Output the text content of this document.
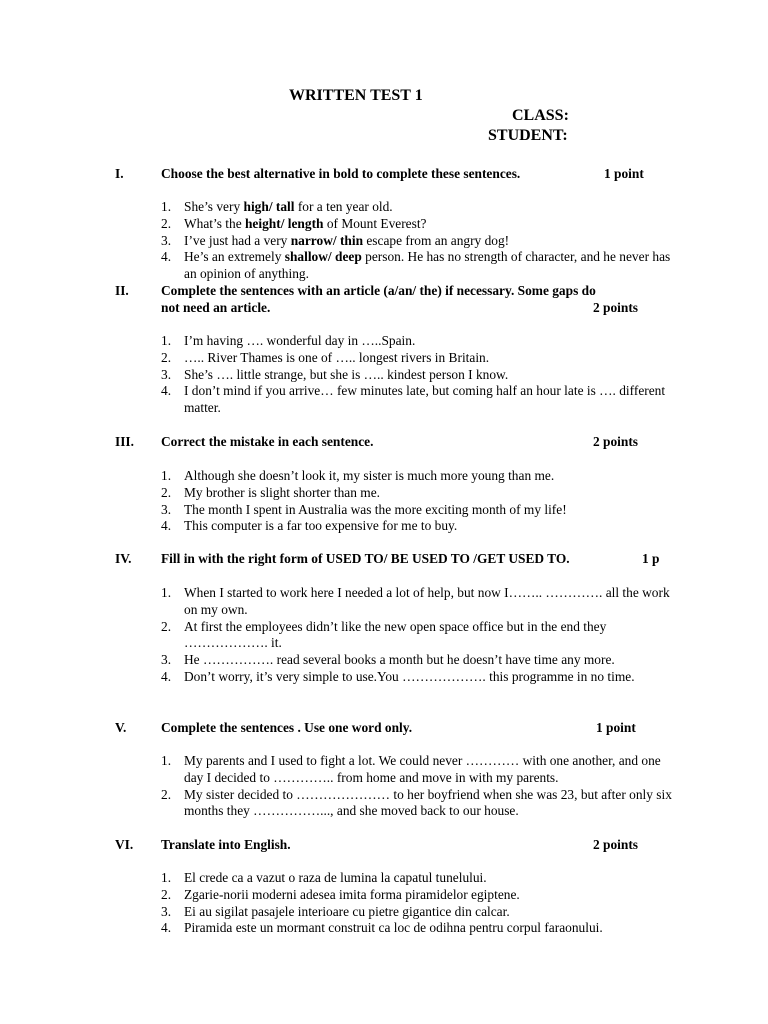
WRITTEN TEST 1
CLASS:
STUDENT:
I.	Choose the best alternative in bold to complete these sentences.	1 point
1. She’s very high/ tall for a ten year old.
2. What’s the height/ length of Mount Everest?
3. I’ve just had a very narrow/ thin escape from an angry dog!
4. He’s an extremely shallow/ deep person. He has no strength of character, and he never has an opinion of anything.
II. Complete the sentences with an article (a/an/ the) if necessary. Some gaps do
not need an article.	2 points
1. I’m having …. wonderful day in …..Spain.
2. ….. River Thames is one of ….. longest rivers in Britain.
3. She’s …. little strange, but she is ….. kindest person I know.
4. I don’t mind if you arrive… few minutes late, but coming half an hour late is …. different matter.
III. Correct the mistake in each sentence.	2 points
1. Although she doesn’t look it, my sister is much more young than me.
2. My brother is slight shorter than me.
3. The month I spent in Australia was the more exciting month of my life!
4. This computer is a far too expensive for me to buy.
IV. Fill in with the right form of USED TO/ BE USED TO /GET USED TO.	1 p
1. When I started to work here I needed a lot of help, but now I…….. …………. all the work on my own.
2. At first the employees didn’t like the new open space office but in the end they ………………. it.
3. He ……………. read several books a month but he doesn’t have time any more.
4. Don’t worry, it’s very simple to use.You ………………. this programme in no time.
V.	Complete the sentences . Use one word only.	1 point
1. My parents and I used to fight a lot. We could never ………… with one another, and one day I decided to ………….. from home and move in with my parents.
2. My sister decided to ………………… to her boyfriend when she was 23, but after only six months they ……………..., and she moved back to our house.
VI. Translate into English.	2 points
1. El crede ca a vazut o raza de lumina la capatul tunelului.
2. Zgarie-norii moderni adesea imita forma piramidelor egiptene.
3. Ei au sigilat pasajele interioare cu pietre gigantice din calcar.
4. Piramida este un mormant construit ca loc de odihna pentru corpul faraonului.
